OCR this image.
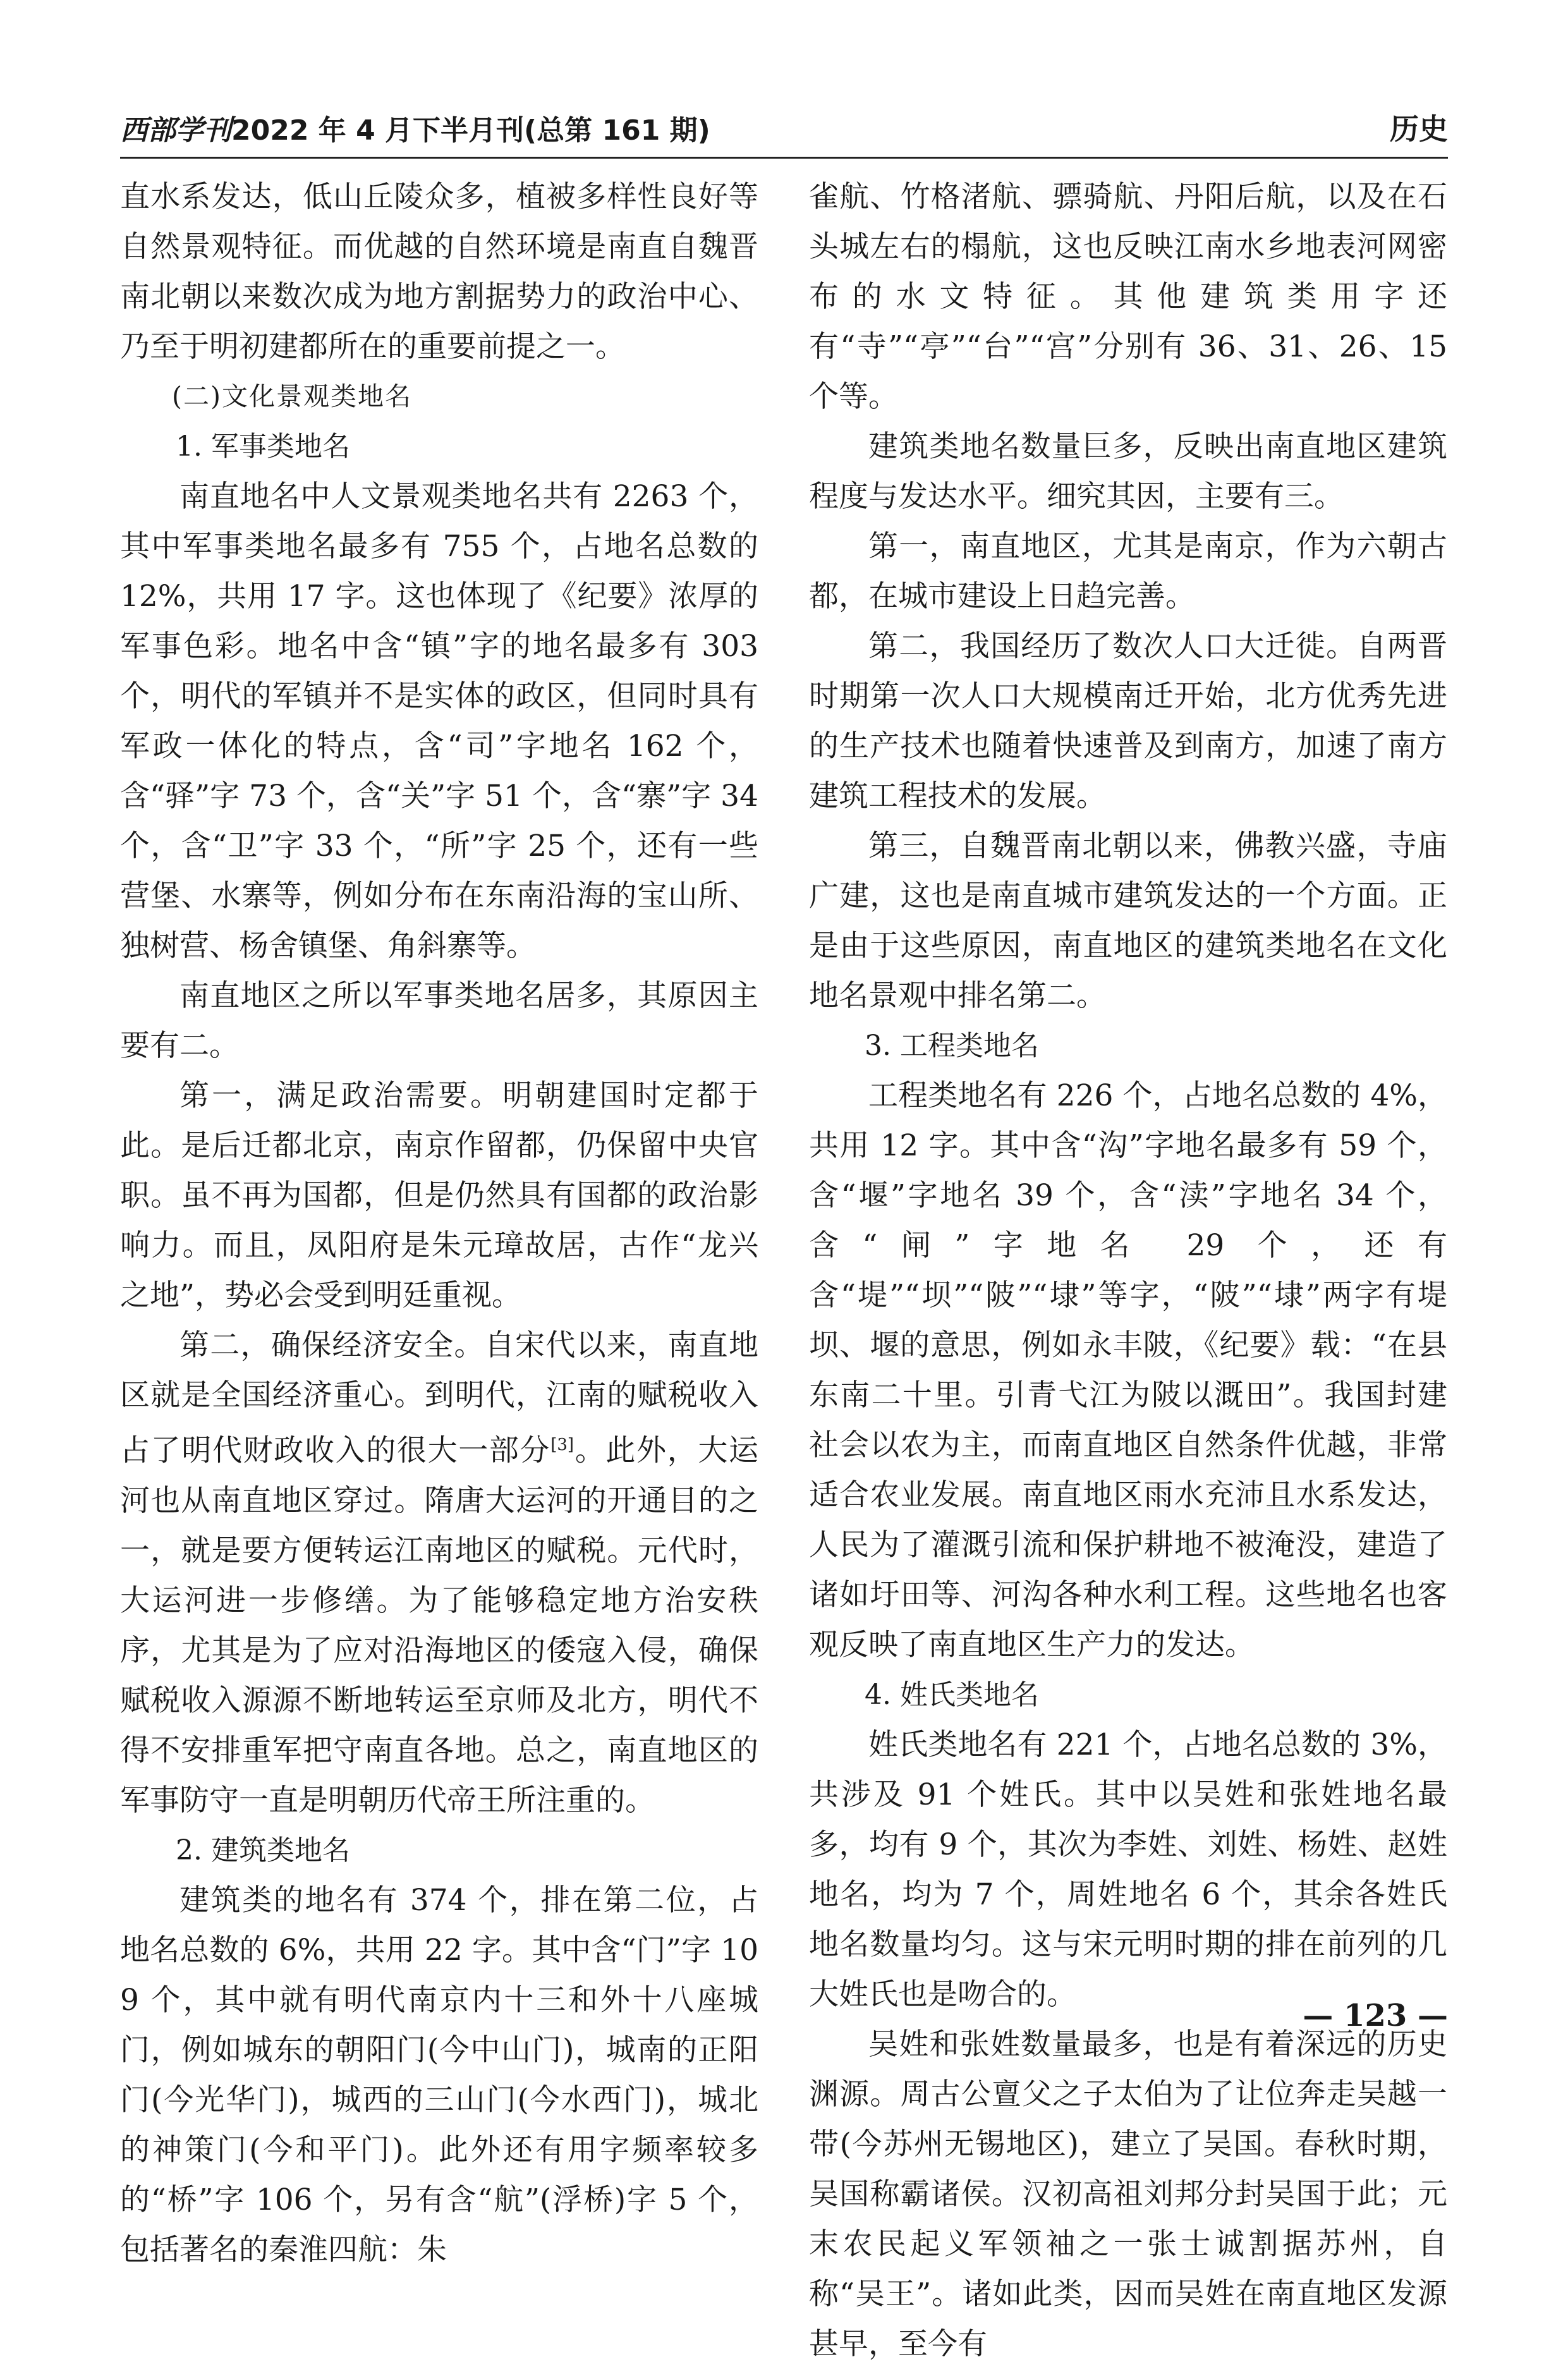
西部学刊2022 年 4 月下半月刊(总第 161 期)	历史

直水系发达，低山丘陵众多，植被多样性良好等自然景观特征。而优越的自然环境是南直自魏晋南北朝以来数次成为地方割据势力的政治中心、乃至于明初建都所在的重要前提之一。

(二)文化景观类地名

1. 军事类地名

南直地名中人文景观类地名共有 2263 个，其中军事类地名最多有 755 个，占地名总数的 12%，共用 17 字。这也体现了《纪要》浓厚的军事色彩。地名中含“镇”字的地名最多有 303 个，明代的军镇并不是实体的政区，但同时具有军政一体化的特点，含“司”字地名 162 个，含“驿”字 73 个，含“关”字 51 个，含“寨”字 34 个，含“卫”字 33 个，“所”字 25 个，还有一些营堡、水寨等，例如分布在东南沿海的宝山所、独树营、杨舍镇堡、角斜寨等。

南直地区之所以军事类地名居多，其原因主要有二。

第一，满足政治需要。明朝建国时定都于此。是后迁都北京，南京作留都，仍保留中央官职。虽不再为国都，但是仍然具有国都的政治影响力。而且，凤阳府是朱元璋故居，古作“龙兴之地”，势必会受到明廷重视。

第二，确保经济安全。自宋代以来，南直地区就是全国经济重心。到明代，江南的赋税收入占了明代财政收入的很大一部分[3]。此外，大运河也从南直地区穿过。隋唐大运河的开通目的之一，就是要方便转运江南地区的赋税。元代时，大运河进一步修缮。为了能够稳定地方治安秩序，尤其是为了应对沿海地区的倭寇入侵，确保赋税收入源源不断地转运至京师及北方，明代不得不安排重军把守南直各地。总之，南直地区的军事防守一直是明朝历代帝王所注重的。

2. 建筑类地名

建筑类的地名有 374 个，排在第二位，占地名总数的 6%，共用 22 字。其中含“门”字 109 个，其中就有明代南京内十三和外十八座城门，例如城东的朝阳门(今中山门)，城南的正阳门(今光华门)，城西的三山门(今水西门)，城北的神策门(今和平门)。此外还有用字频率较多的“桥”字 106 个，另有含“航”(浮桥)字 5 个，包括著名的秦淮四航：朱

雀航、竹格渚航、骠骑航、丹阳后航，以及在石头城左右的榻航，这也反映江南水乡地表河网密布的水文特征。其他建筑类用字还有“寺”“亭”“台”“宫”分别有 36、31、26、15 个等。

建筑类地名数量巨多，反映出南直地区建筑程度与发达水平。细究其因，主要有三。

第一，南直地区，尤其是南京，作为六朝古都，在城市建设上日趋完善。

第二，我国经历了数次人口大迁徙。自两晋时期第一次人口大规模南迁开始，北方优秀先进的生产技术也随着快速普及到南方，加速了南方建筑工程技术的发展。

第三，自魏晋南北朝以来，佛教兴盛，寺庙广建，这也是南直城市建筑发达的一个方面。正是由于这些原因，南直地区的建筑类地名在文化地名景观中排名第二。

3. 工程类地名

工程类地名有 226 个，占地名总数的 4%，共用 12 字。其中含“沟”字地名最多有 59 个，含“堰”字地名 39 个，含“渎”字地名 34 个，含“闸”字地名 29 个，还有含“堤”“坝”“陂”“埭”等字，“陂”“埭”两字有堤坝、堰的意思，例如永丰陂，《纪要》载：“在县东南二十里。引青弋江为陂以溉田”。我国封建社会以农为主，而南直地区自然条件优越，非常适合农业发展。南直地区雨水充沛且水系发达，人民为了灌溉引流和保护耕地不被淹没，建造了诸如圩田等、河沟各种水利工程。这些地名也客观反映了南直地区生产力的发达。

4. 姓氏类地名

姓氏类地名有 221 个，占地名总数的 3%，共涉及 91 个姓氏。其中以吴姓和张姓地名最多，均有 9 个，其次为李姓、刘姓、杨姓、赵姓地名，均为 7 个，周姓地名 6 个，其余各姓氏地名数量均匀。这与宋元明时期的排在前列的几大姓氏也是吻合的。

吴姓和张姓数量最多，也是有着深远的历史渊源。周古公亶父之子太伯为了让位奔走吴越一带(今苏州无锡地区)，建立了吴国。春秋时期，吴国称霸诸侯。汉初高祖刘邦分封吴国于此；元末农民起义军领袖之一张士诚割据苏州，自称“吴王”。诸如此类，因而吴姓在南直地区发源甚早，至今有

— 123 —
